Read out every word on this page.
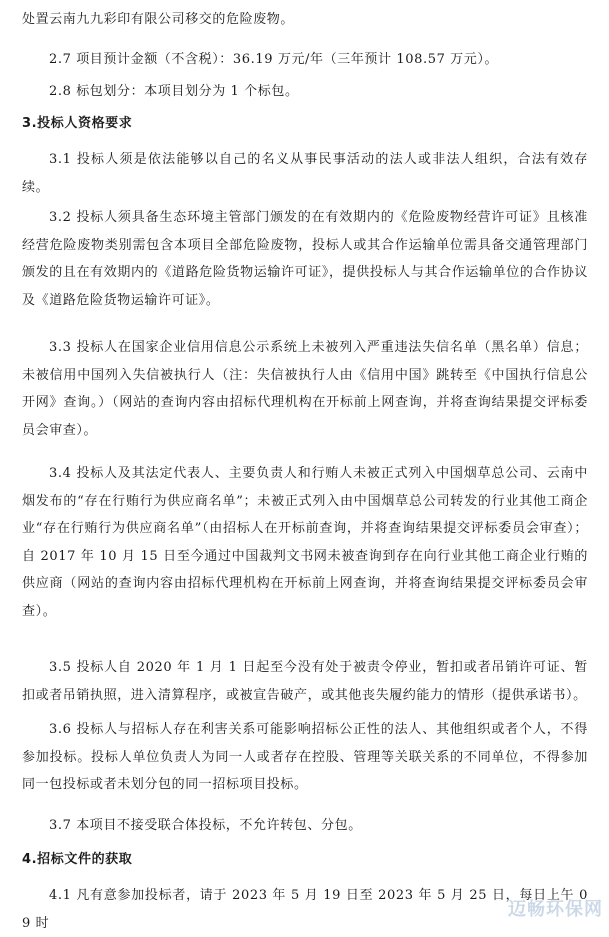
处置云南九九彩印有限公司移交的危险废物。

2.7 项目预计金额（不含税）：36.19 万元/年（三年预计 108.57 万元）。

2.8 标包划分：本项目划分为 1 个标包。

3.投标人资格要求

3.1 投标人须是依法能够以自己的名义从事民事活动的法人或非法人组织，合法有效存续。

3.2 投标人须具备生态环境主管部门颁发的在有效期内的《危险废物经营许可证》且核准经营危险废物类别需包含本项目全部危险废物，投标人或其合作运输单位需具备交通管理部门颁发的且在有效期内的《道路危险货物运输许可证》，提供投标人与其合作运输单位的合作协议及《道路危险货物运输许可证》。

3.3 投标人在国家企业信用信息公示系统上未被列入严重违法失信名单（黑名单）信息；未被信用中国列入失信被执行人（注：失信被执行人由《信用中国》跳转至《中国执行信息公开网》查询。）（网站的查询内容由招标代理机构在开标前上网查询，并将查询结果提交评标委员会审查）。

3.4 投标人及其法定代表人、主要负责人和行贿人未被正式列入中国烟草总公司、云南中烟发布的“存在行贿行为供应商名单”；未被正式列入由中国烟草总公司转发的行业其他工商企业“存在行贿行为供应商名单”（由招标人在开标前查询，并将查询结果提交评标委员会审查）；自 2017 年 10 月 15 日至今通过中国裁判文书网未被查询到存在向行业其他工商企业行贿的供应商（网站的查询内容由招标代理机构在开标前上网查询，并将查询结果提交评标委员会审查）。

3.5 投标人自 2020 年 1 月 1 日起至今没有处于被责令停业，暂扣或者吊销许可证、暂扣或者吊销执照，进入清算程序，或被宣告破产，或其他丧失履约能力的情形（提供承诺书）。

3.6 投标人与招标人存在利害关系可能影响招标公正性的法人、其他组织或者个人，不得参加投标。投标人单位负责人为同一人或者存在控股、管理等关联关系的不同单位，不得参加同一包投标或者未划分包的同一招标项目投标。

3.7 本项目不接受联合体投标，不允许转包、分包。

4.招标文件的获取

4.1 凡有意参加投标者，请于 2023 年 5 月 19 日至 2023 年 5 月 25 日，每日上午 09 时

迈畅环保网
